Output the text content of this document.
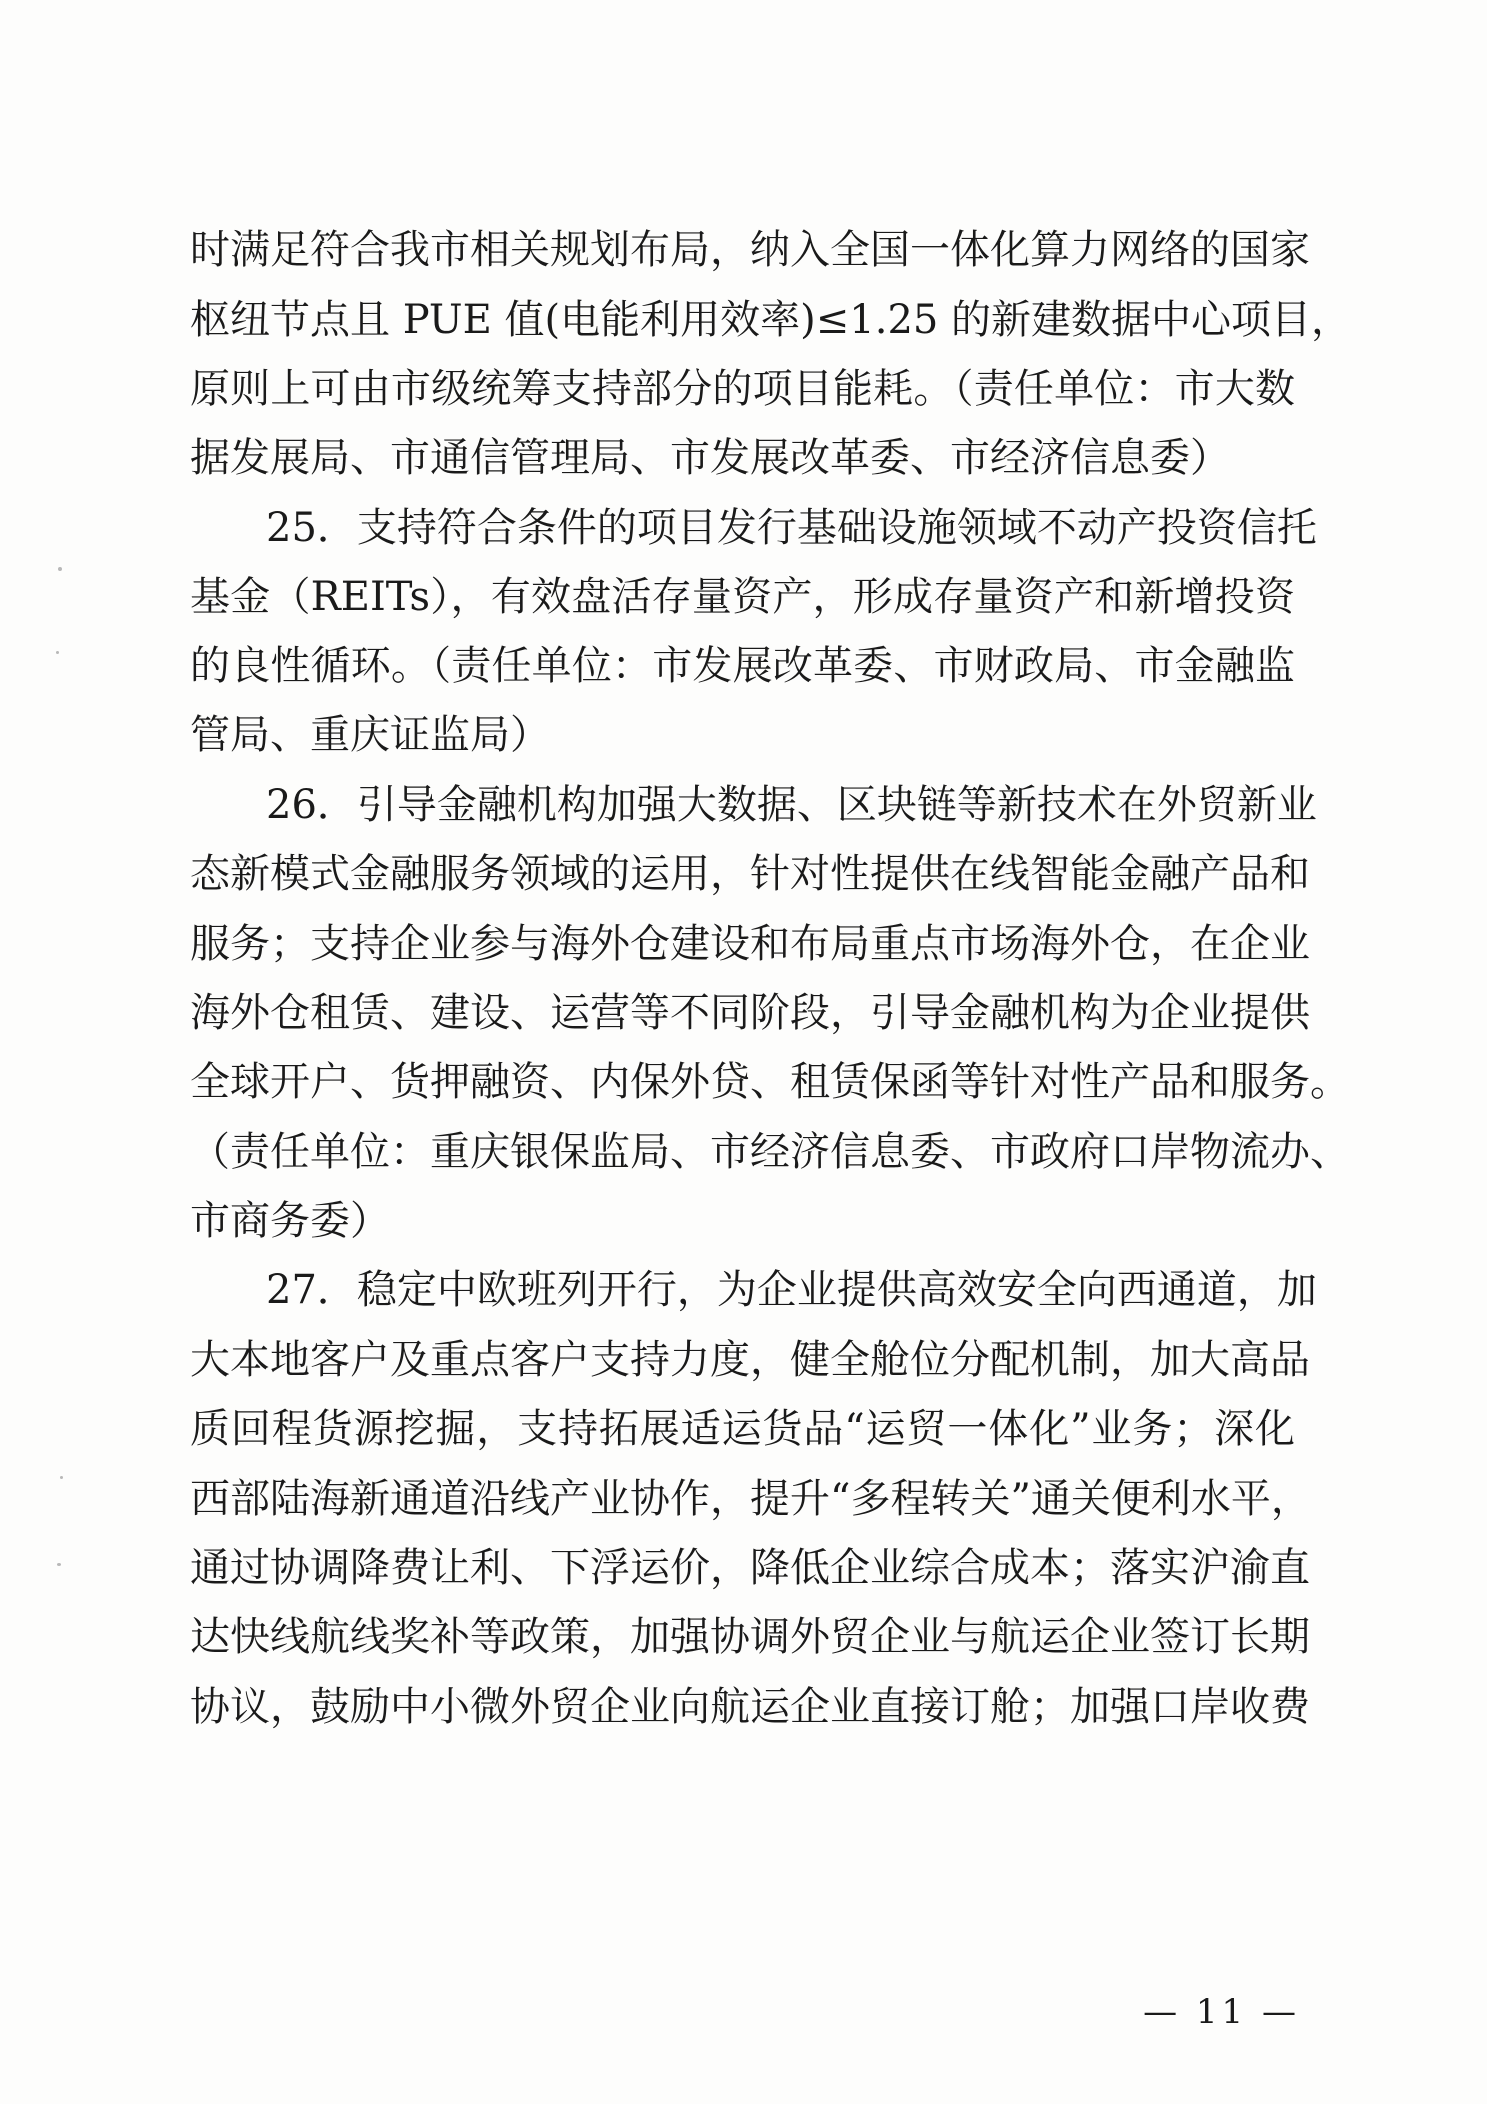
时满足符合我市相关规划布局，纳入全国一体化算力网络的国家
枢纽节点且 PUE 值(电能利用效率)≤1.25 的新建数据中心项目，
原则上可由市级统筹支持部分的项目能耗。（责任单位：市大数
据发展局、市通信管理局、市发展改革委、市经济信息委）
25．支持符合条件的项目发行基础设施领域不动产投资信托
基金（REITs），有效盘活存量资产，形成存量资产和新增投资
的良性循环。（责任单位：市发展改革委、市财政局、市金融监
管局、重庆证监局）
26．引导金融机构加强大数据、区块链等新技术在外贸新业
态新模式金融服务领域的运用，针对性提供在线智能金融产品和
服务；支持企业参与海外仓建设和布局重点市场海外仓，在企业
海外仓租赁、建设、运营等不同阶段，引导金融机构为企业提供
全球开户、货押融资、内保外贷、租赁保函等针对性产品和服务。
（责任单位：重庆银保监局、市经济信息委、市政府口岸物流办、
市商务委）
27．稳定中欧班列开行，为企业提供高效安全向西通道，加
大本地客户及重点客户支持力度，健全舱位分配机制，加大高品
质回程货源挖掘，支持拓展适运货品“运贸一体化”业务；深化
西部陆海新通道沿线产业协作，提升“多程转关”通关便利水平，
通过协调降费让利、下浮运价，降低企业综合成本；落实沪渝直
达快线航线奖补等政策，加强协调外贸企业与航运企业签订长期
协议，鼓励中小微外贸企业向航运企业直接订舱；加强口岸收费
— 11 —
